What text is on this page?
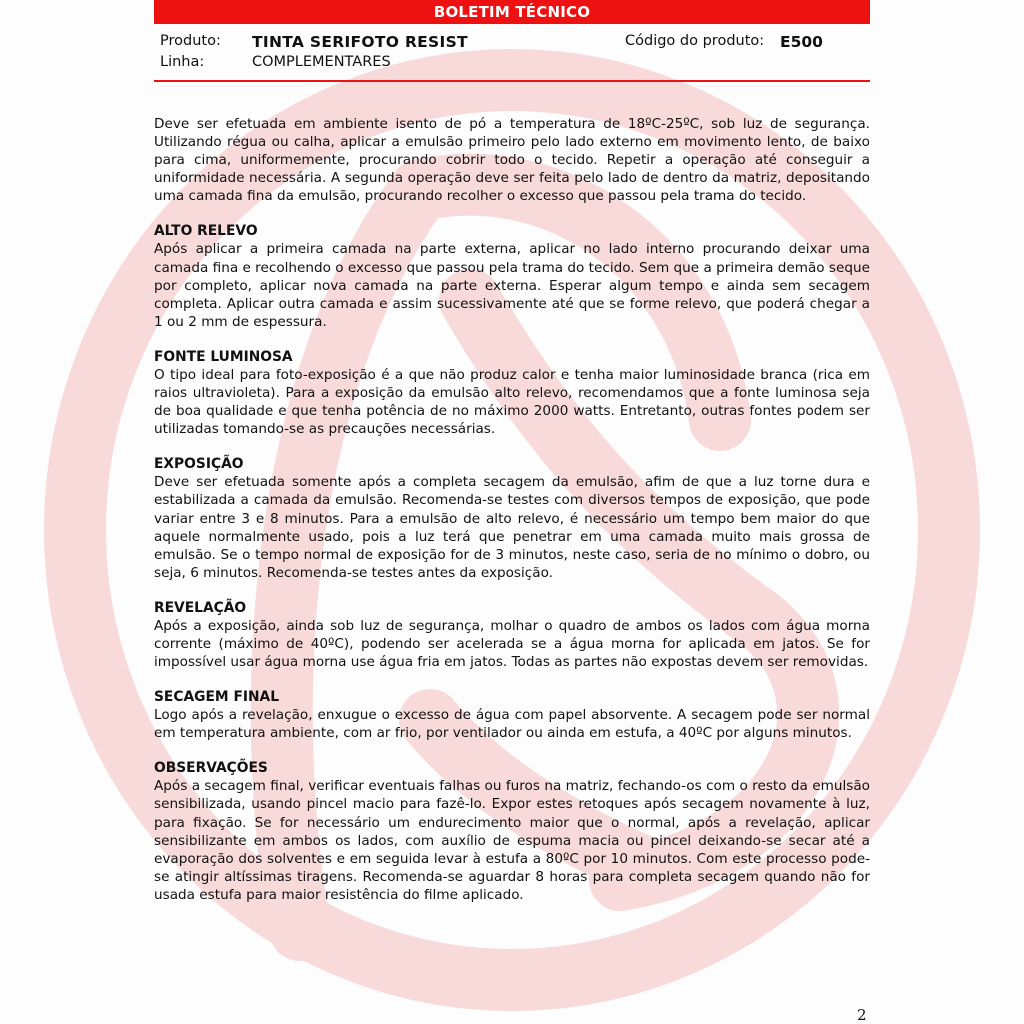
BOLETIM TÉCNICO
Produto: TINTA SERIFOTO RESIST	Código do produto: E500
Linha:	COMPLEMENTARES

Deve ser efetuada em ambiente isento de pó a temperatura de 18ºC-25ºC, sob luz de segurança. Utilizando régua ou calha, aplicar a emulsão primeiro pelo lado externo em movimento lento, de baixo para cima, uniformemente, procurando cobrir todo o tecido. Repetir a operação até conseguir a uniformidade necessária. A segunda operação deve ser feita pelo lado de dentro da matriz, depositando uma camada fina da emulsão, procurando recolher o excesso que passou pela trama do tecido.

ALTO RELEVO

Após aplicar a primeira camada na parte externa, aplicar no lado interno procurando deixar uma camada fina e recolhendo o excesso que passou pela trama do tecido. Sem que a primeira demão seque por completo, aplicar nova camada na parte externa. Esperar algum tempo e ainda sem secagem completa. Aplicar outra camada e assim sucessivamente até que se forme relevo, que poderá chegar a 1 ou 2 mm de espessura.

FONTE LUMINOSA

O tipo ideal para foto-exposição é a que não produz calor e tenha maior luminosidade branca (rica em raios ultravioleta). Para a exposição da emulsão alto relevo, recomendamos que a fonte luminosa seja de boa qualidade e que tenha potência de no máximo 2000 watts. Entretanto, outras fontes podem ser utilizadas tomando-se as precauções necessárias.

EXPOSIÇÃO

Deve ser efetuada somente após a completa secagem da emulsão, afim de que a luz torne dura e estabilizada a camada da emulsão. Recomenda-se testes com diversos tempos de exposição, que pode variar entre 3 e 8 minutos. Para a emulsão de alto relevo, é necessário um tempo bem maior do que aquele normalmente usado, pois a luz terá que penetrar em uma camada muito mais grossa de emulsão. Se o tempo normal de exposição for de 3 minutos, neste caso, seria de no mínimo o dobro, ou seja, 6 minutos. Recomenda-se testes antes da exposição.

REVELAÇÃO

Após a exposição, ainda sob luz de segurança, molhar o quadro de ambos os lados com água morna corrente (máximo de 40ºC), podendo ser acelerada se a água morna for aplicada em jatos. Se for impossível usar água morna use água fria em jatos. Todas as partes não expostas devem ser removidas.

SECAGEM FINAL

Logo após a revelação, enxugue o excesso de água com papel absorvente. A secagem pode ser normal em temperatura ambiente, com ar frio, por ventilador ou ainda em estufa, a 40ºC por alguns minutos.

OBSERVAÇÕES

Após a secagem final, verificar eventuais falhas ou furos na matriz, fechando-os com o resto da emulsão sensibilizada, usando pincel macio para fazê-lo. Expor estes retoques após secagem novamente à luz, para fixação. Se for necessário um endurecimento maior que o normal, após a revelação, aplicar sensibilizante em ambos os lados, com auxílio de espuma macia ou pincel deixando-se secar até a evaporação dos solventes e em seguida levar à estufa a 80ºC por 10 minutos. Com este processo pode-se atingir altíssimas tiragens. Recomenda-se aguardar 8 horas para completa secagem quando não for usada estufa para maior resistência do filme aplicado.

2
